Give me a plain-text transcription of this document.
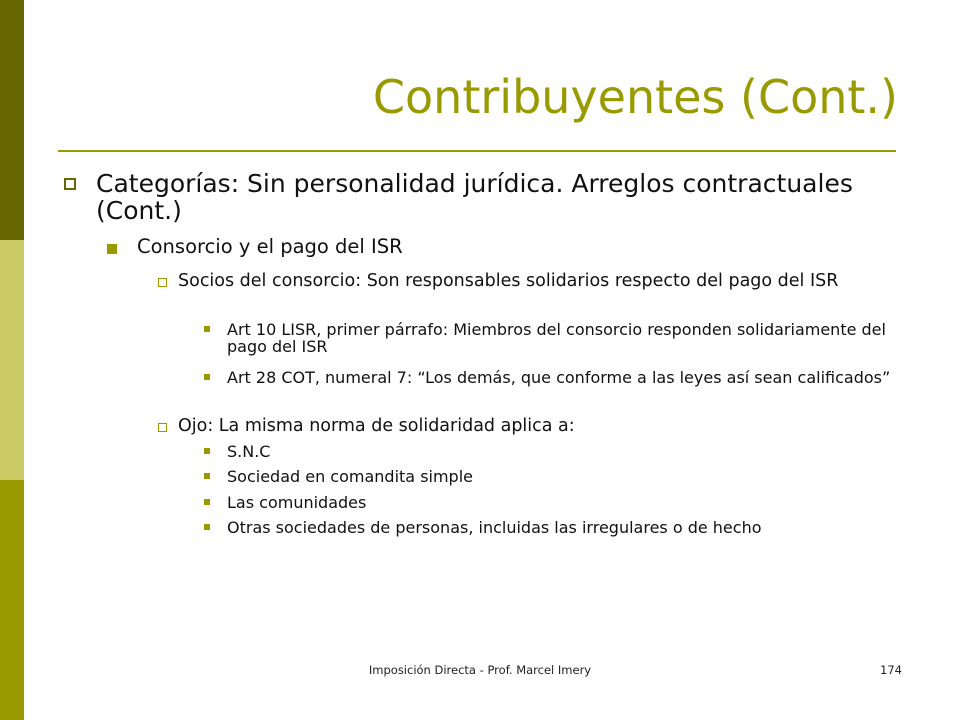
Contribuyentes (Cont.)
Categorías: Sin personalidad jurídica. Arreglos contractuales (Cont.)
Consorcio y el pago del ISR
Socios del consorcio: Son responsables solidarios respecto del pago del ISR
Art 10 LISR, primer párrafo: Miembros del consorcio responden solidariamente del pago del ISR
Art 28 COT, numeral 7: “Los demás, que conforme a las leyes así sean calificados”
Ojo: La misma norma de solidaridad aplica a:
S.N.C
Sociedad en comandita simple
Las comunidades
Otras sociedades de personas, incluidas las irregulares o de hecho
Imposición Directa - Prof. Marcel Imery	174
